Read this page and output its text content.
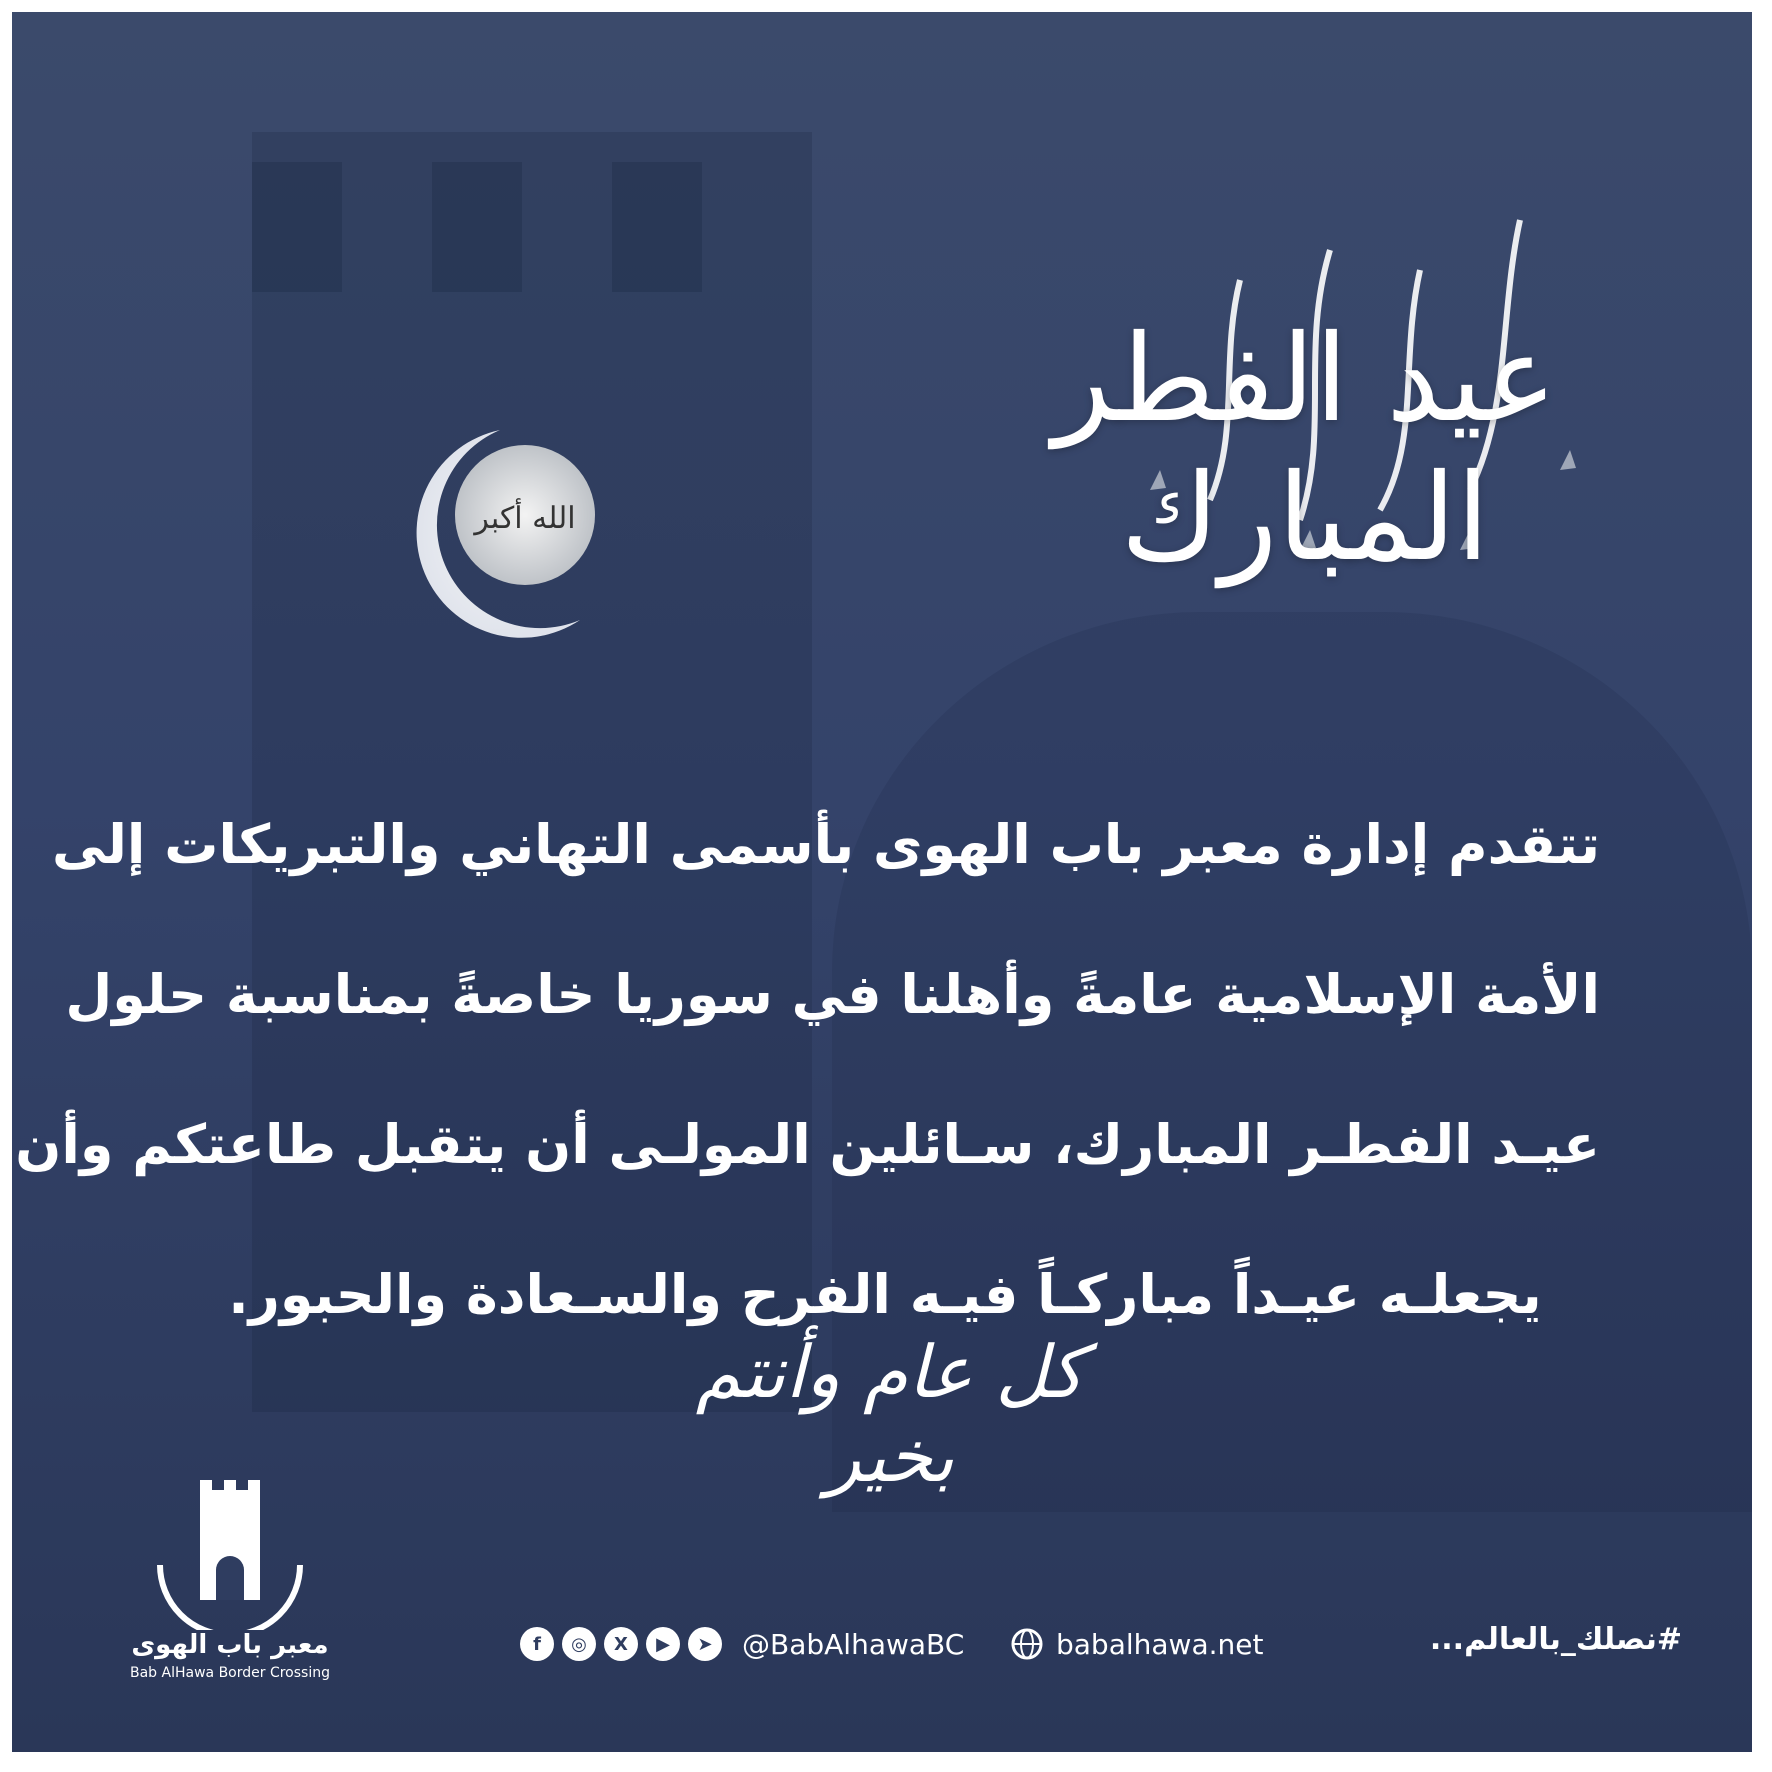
عيد الفطر المبارك
الله أكبر
تتقدم إدارة معبر باب الهوى بأسمى التهاني والتبريكات إلى
الأمة الإسلامية عامةً وأهلنا في سوريا خاصةً بمناسبة حلول
عيـد الفطـر المبارك، سـائلين المولـى أن يتقبل طاعتكم وأن
يجعلـه عيـداً مباركـاً فيـه الفرح والسـعادة والحبور.
كل عام وأنتم بخير
معبر باب الهوى
Bab AlHawa Border Crossing
f	◎	X	▶	➤	@BabAlhawaBC	babalhawa.net	#نصلك_بالعالم...
